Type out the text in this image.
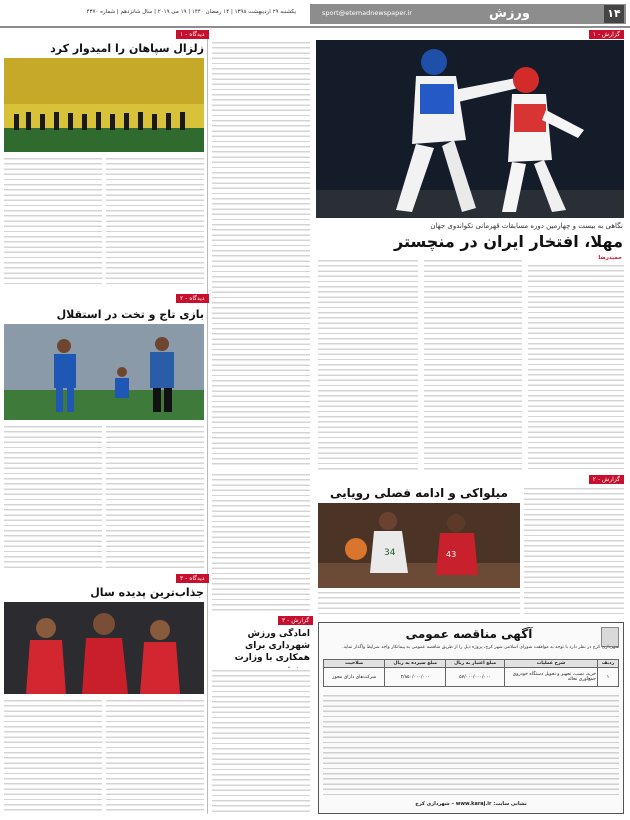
۱۴
ورزش
sport@etemadnewspaper.ir
یکشنبه ۲۹ اردیبهشت ۱۳۹۸ | ۱۴ رمضان ۱۴۴۰ | ۱۹ می ۲۰۱۹ | سال شانزدهم | شماره ۴۳۷۰
گزارش - ۱
نگاهی به بیست و چهارمین دوره مسابقات قهرمانی تکواندوی جهان
مهلا، افتخار ایران در منچستر
حمیدرضا
گزارش - ۲
میلواکی و ادامه فصلی رویایی
34	43
آگهی مناقصه عمومی
شهرداری کرج در نظر دارد با توجه به موافقت شورای اسلامی شهر کرج، پروژه ذیل را از طریق مناقصه عمومی به پیمانکار واجد شرایط واگذار نماید.
ردیف	شرح عملیات	مبلغ اعتبار به ریال	مبلغ سپرده به ریال	صلاحیت
۱	خرید، نصب، تجهیز و تحویل دستگاه خودروی جمع‌آوری نخاله	۵۷/۰۰۰/۰۰۰/۰۰۰	۲/۸۵۰/۰۰۰/۰۰۰	شرکت‌های دارای مجوز
نشانی سایت: www.karaj.ir – شهرداری کرج
گزارش - ۳
امادگی ورزش شهرداری برای همکاری با وزارت
دیدگاه - ۱
زلزال سپاهان را امیدوار کرد
دیدگاه - ۲
بازی تاج و تخت در استقلال
دیدگاه - ۳
جذاب‌ترین پدیده سال
